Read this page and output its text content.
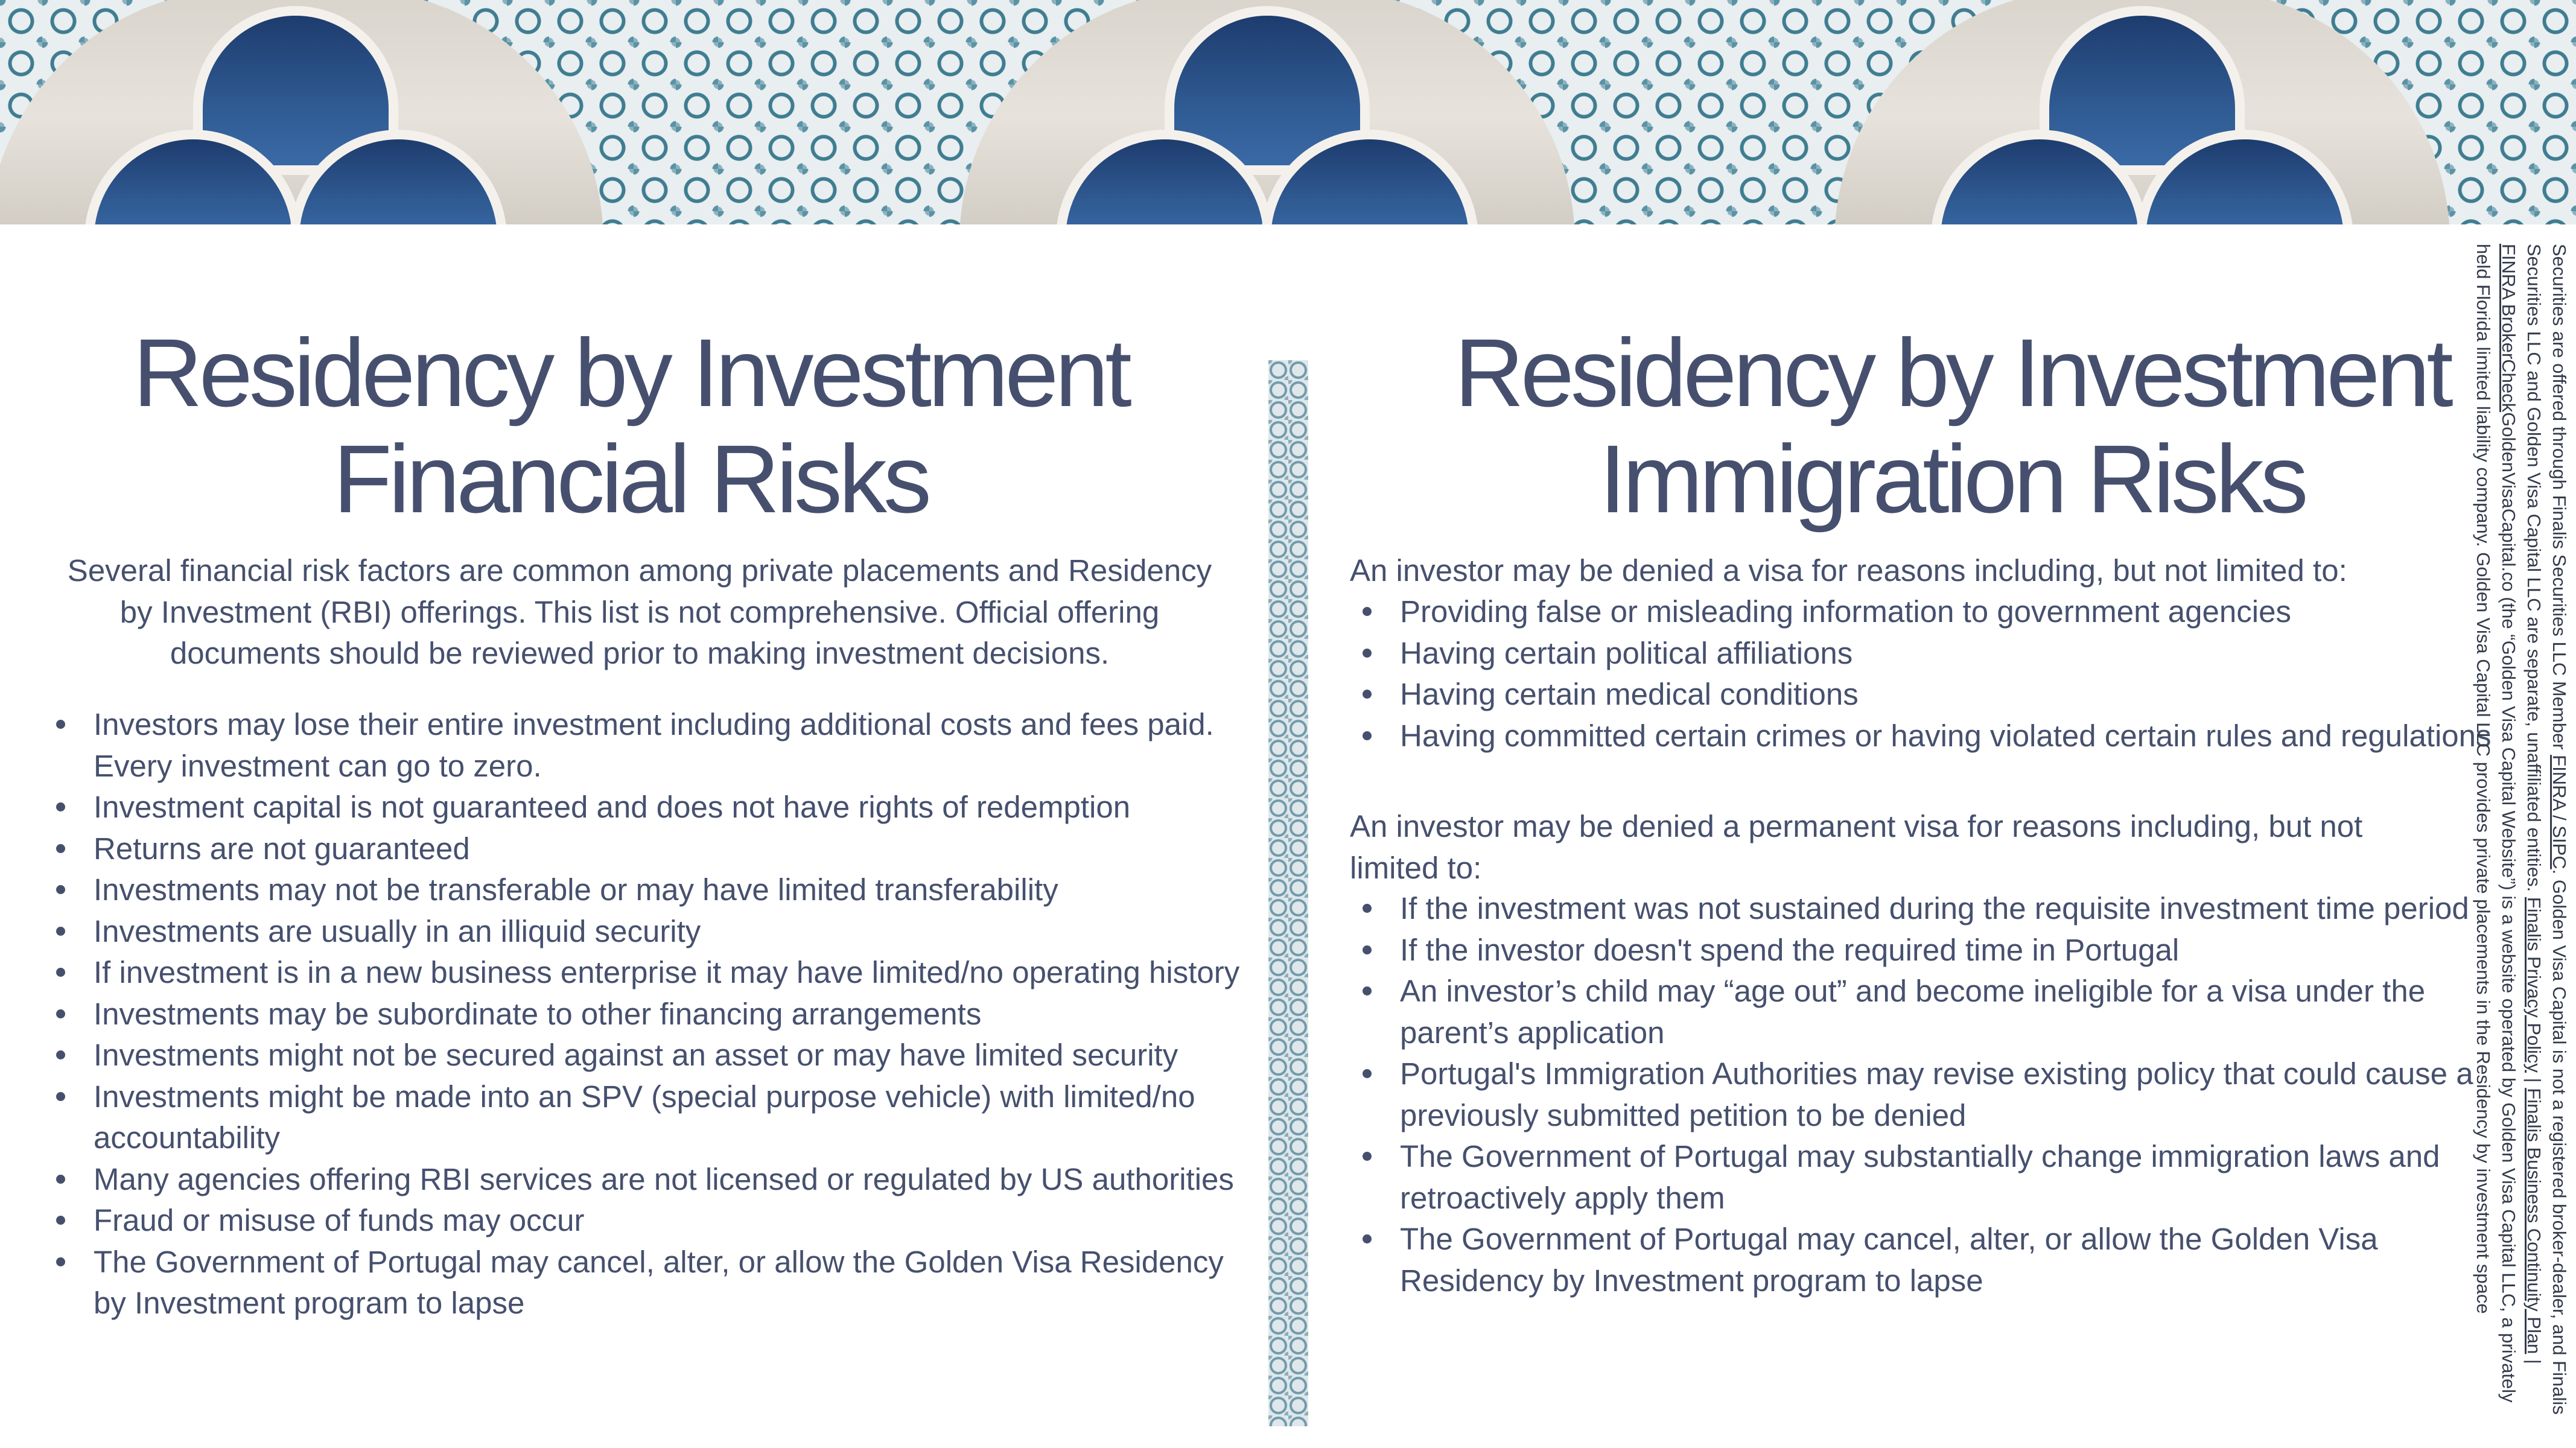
Residency by Investment
Financial Risks

Several financial risk factors are common among private placements and Residency by Investment (RBI) offerings. This list is not comprehensive. Official offering documents should be reviewed prior to making investment decisions.

Investors may lose their entire investment including additional costs and fees paid. Every investment can go to zero.
Investment capital is not guaranteed and does not have rights of redemption
Returns are not guaranteed
Investments may not be transferable or may have limited transferability
Investments are usually in an illiquid security
If investment is in a new business enterprise it may have limited/no operating history
Investments may be subordinate to other financing arrangements
Investments might not be secured against an asset or may have limited security
Investments might be made into an SPV (special purpose vehicle) with limited/no accountability
Many agencies offering RBI services are not licensed or regulated by US authorities
Fraud or misuse of funds may occur
The Government of Portugal may cancel, alter, or allow the Golden Visa Residency by Investment program to lapse
Residency by Investment
Immigration Risks

An investor may be denied a visa for reasons including, but not limited to:

Providing false or misleading information to government agencies
Having certain political affiliations
Having certain medical conditions
Having committed certain crimes or having violated certain rules and regulations

An investor may be denied a permanent visa for reasons including, but not limited to:

If the investment was not sustained during the requisite investment time period
If the investor doesn't spend the required time in Portugal
An investor’s child may “age out” and become ineligible for a visa under the parent’s application
Portugal's Immigration Authorities may revise existing policy that could cause a previously submitted petition to be denied
The Government of Portugal may substantially change immigration laws and retroactively apply them
The Government of Portugal may cancel, alter, or allow the Golden Visa Residency by Investment program to lapse

Securities are offered through Finalis Securities LLC Member FINRA / SIPC. Golden Visa Capital is not a registered broker-dealer, and Finalis Securities LLC and Golden Visa Capital LLC are separate, unaffiliated entities. Finalis Privacy Policy | Finalis Business Continuity Plan | FINRA BrokerCheckGoldenVisaCapital.co (the “Golden Visa Capital Website”) is a website operated by Golden Visa Capital LLC, a privately held Florida limited liability company. Golden Visa Capital LLC provides private placements in the Residency by investment space
